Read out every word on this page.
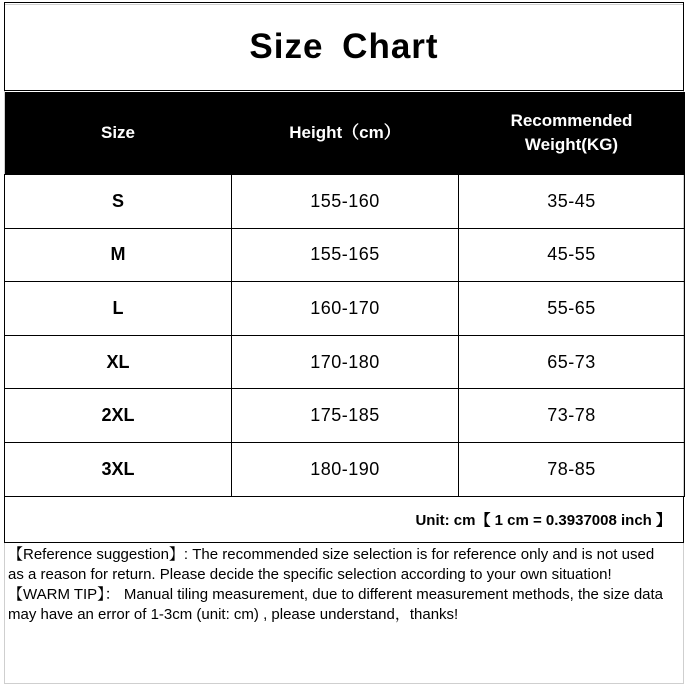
Size Chart
Size	Height（cm）	Recommended
Weight(KG)
S	155-160	35-45
M	155-165	45-55
L	160-170	55-65
XL	170-180	65-73
2XL	175-185	73-78
3XL	180-190	78-85
Unit: cm【 1 cm = 0.3937008 inch 】

【Reference suggestion】: The recommended size selection is for reference only and is not used as a reason for return. Please decide the specific selection according to your own situation!

【WARM TIP】： Manual tiling measurement, due to different measurement methods, the size data may have an error of 1-3cm (unit: cm) , please understand，thanks!
